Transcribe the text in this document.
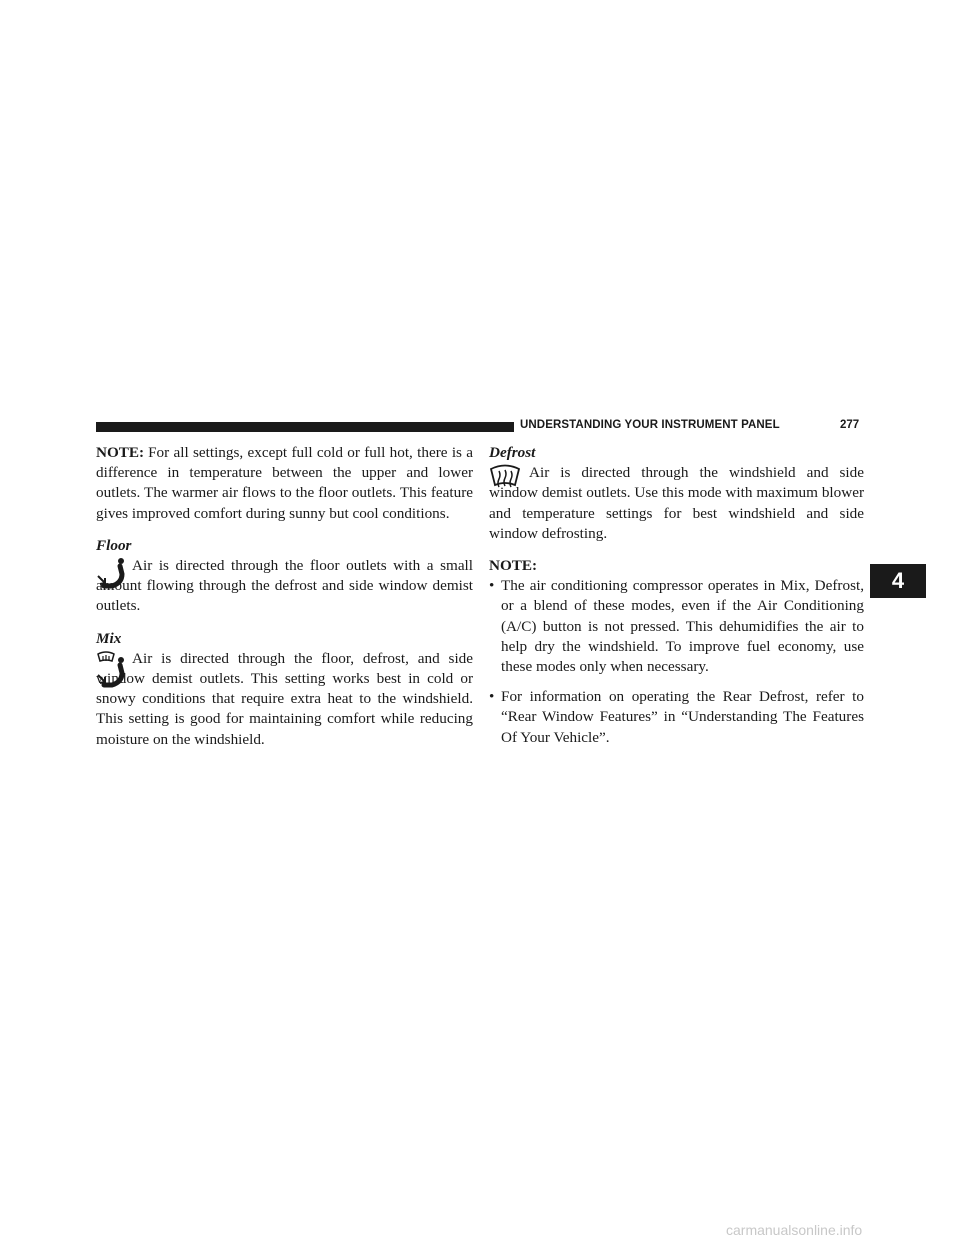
UNDERSTANDING YOUR INSTRUMENT PANEL	277
4

NOTE: For all settings, except full cold or full hot, there is a difference in temperature between the upper and lower outlets. The warmer air flows to the floor outlets. This feature gives improved comfort during sunny but cool conditions.

Floor

Air is directed through the floor outlets with a small amount flowing through the defrost and side window demist outlets.

Mix

Air is directed through the floor, defrost, and side window demist outlets. This setting works best in cold or snowy conditions that require extra heat to the windshield. This setting is good for maintaining comfort while reducing moisture on the windshield.

Defrost

Air is directed through the windshield and side window demist outlets. Use this mode with maximum blower and temperature settings for best windshield and side window defrosting.

NOTE:

• The air conditioning compressor operates in Mix, Defrost, or a blend of these modes, even if the Air Conditioning (A/C) button is not pressed. This dehumidifies the air to help dry the windshield. To improve fuel economy, use these modes only when necessary.
• For information on operating the Rear Defrost, refer to “Rear Window Features” in “Understanding The Features Of Your Vehicle”.
carmanualsonline.info
